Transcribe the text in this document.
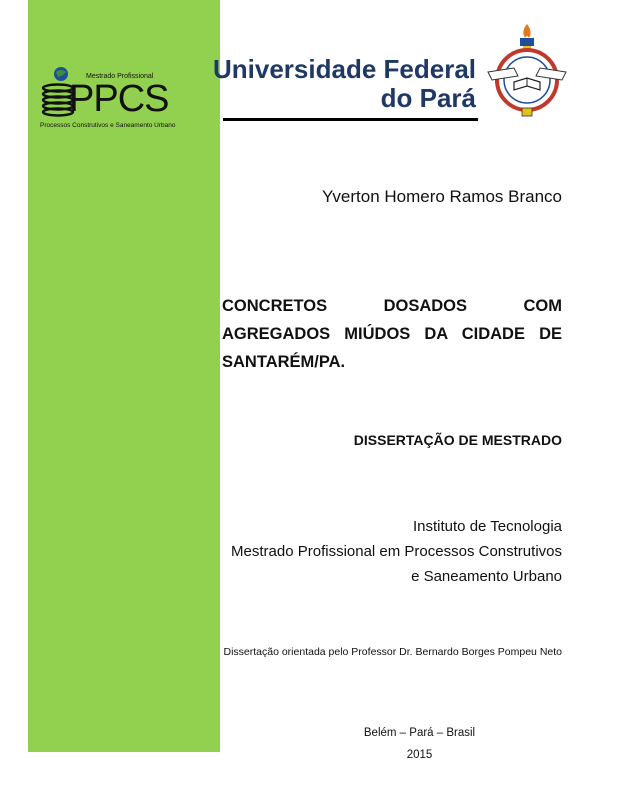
Mestrado Profissional
PPCS
Processos Construtivos e Saneamento Urbano
Universidade Federal
do Pará
Yverton Homero Ramos Branco
CONCRETOS DOSADOS COM
AGREGADOS MIÚDOS DA CIDADE DE
SANTARÉM/PA.
DISSERTAÇÃO DE MESTRADO
Instituto de Tecnologia
Mestrado Profissional em Processos Construtivos
e Saneamento Urbano
Dissertação orientada pelo Professor Dr. Bernardo Borges Pompeu Neto
Belém – Pará – Brasil
2015
